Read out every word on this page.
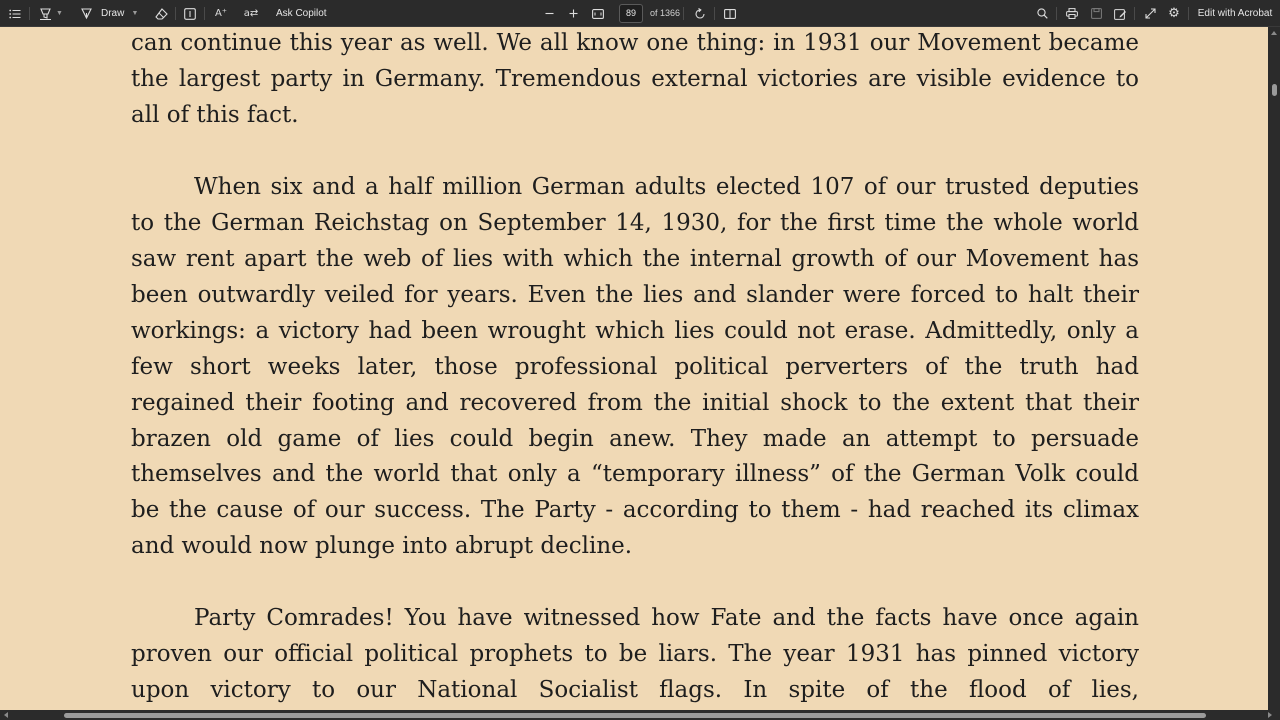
▼	Draw ▼	A⁺ a⇄ Ask Copilot	89	of 1366	⚙ Edit with Acrobat
can continue this year as well. We all know one thing: in 1931 our Movement became
the largest party in Germany. Tremendous external victories are visible evidence to
all of this fact.
When six and a half million German adults elected 107 of our trusted deputies
to the German Reichstag on September 14, 1930, for the first time the whole world
saw rent apart the web of lies with which the internal growth of our Movement has
been outwardly veiled for years. Even the lies and slander were forced to halt their
workings: a victory had been wrought which lies could not erase. Admittedly, only a
few short weeks later, those professional political perverters of the truth had
regained their footing and recovered from the initial shock to the extent that their
brazen old game of lies could begin anew. They made an attempt to persuade
themselves and the world that only a “temporary illness” of the German Volk could
be the cause of our success. The Party - according to them - had reached its climax
and would now plunge into abrupt decline.
Party Comrades! You have witnessed how Fate and the facts have once again
proven our official political prophets to be liars. The year 1931 has pinned victory
upon victory to our National Socialist flags. In spite of the flood of lies,
